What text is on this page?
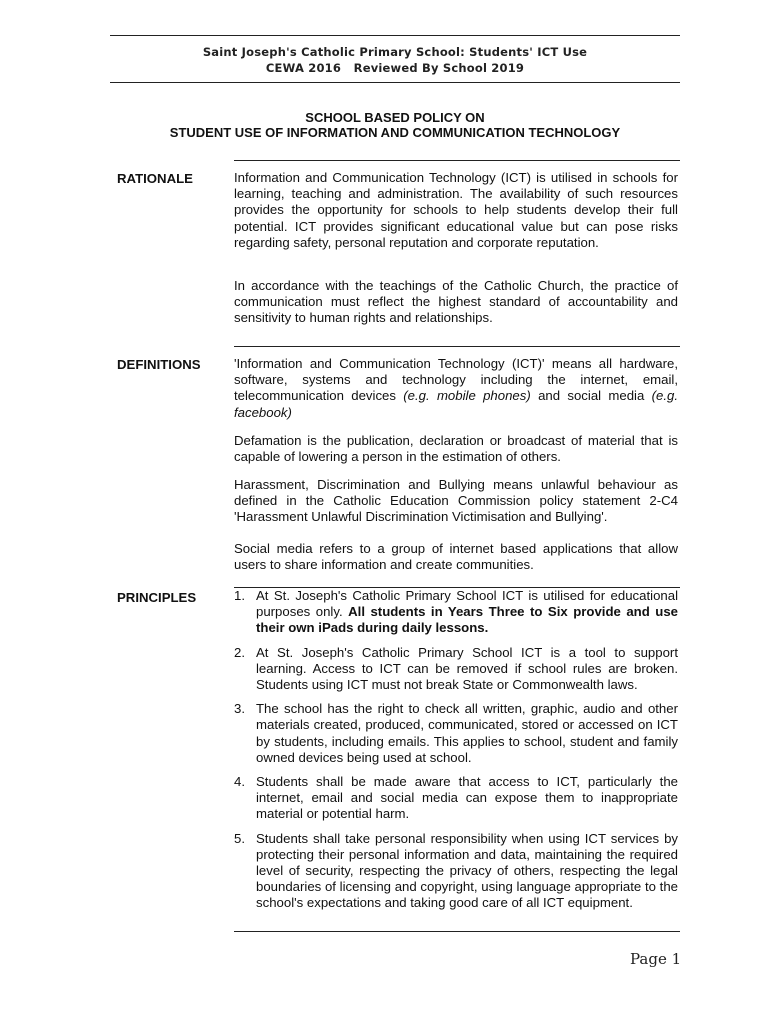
Saint Joseph's Catholic Primary School: Students' ICT Use
CEWA 2016   Reviewed By School 2019
SCHOOL BASED POLICY ON
STUDENT USE OF INFORMATION AND COMMUNICATION TECHNOLOGY
RATIONALE	Information and Communication Technology (ICT) is utilised in schools for learning, teaching and administration. The availability of such resources provides the opportunity for schools to help students develop their full potential. ICT provides significant educational value but can pose risks regarding safety, personal reputation and corporate reputation.
In accordance with the teachings of the Catholic Church, the practice of communication must reflect the highest standard of accountability and sensitivity to human rights and relationships.
DEFINITIONS	'Information and Communication Technology (ICT)' means all hardware, software, systems and technology including the internet, email, telecommunication devices (e.g. mobile phones) and social media (e.g. facebook)
Defamation is the publication, declaration or broadcast of material that is capable of lowering a person in the estimation of others.
Harassment, Discrimination and Bullying means unlawful behaviour as defined in the Catholic Education Commission policy statement 2-C4 'Harassment Unlawful Discrimination Victimisation and Bullying'.
Social media refers to a group of internet based applications that allow users to share information and create communities.
PRINCIPLES	1. At St. Joseph's Catholic Primary School ICT is utilised for educational purposes only. All students in Years Three to Six provide and use their own iPads during daily lessons.
2. At St. Joseph's Catholic Primary School ICT is a tool to support learning. Access to ICT can be removed if school rules are broken. Students using ICT must not break State or Commonwealth laws.
3. The school has the right to check all written, graphic, audio and other materials created, produced, communicated, stored or accessed on ICT by students, including emails. This applies to school, student and family owned devices being used at school.
4. Students shall be made aware that access to ICT, particularly the internet, email and social media can expose them to inappropriate material or potential harm.
5. Students shall take personal responsibility when using ICT services by protecting their personal information and data, maintaining the required level of security, respecting the privacy of others, respecting the legal boundaries of licensing and copyright, using language appropriate to the school's expectations and taking good care of all ICT equipment.
Page 1
